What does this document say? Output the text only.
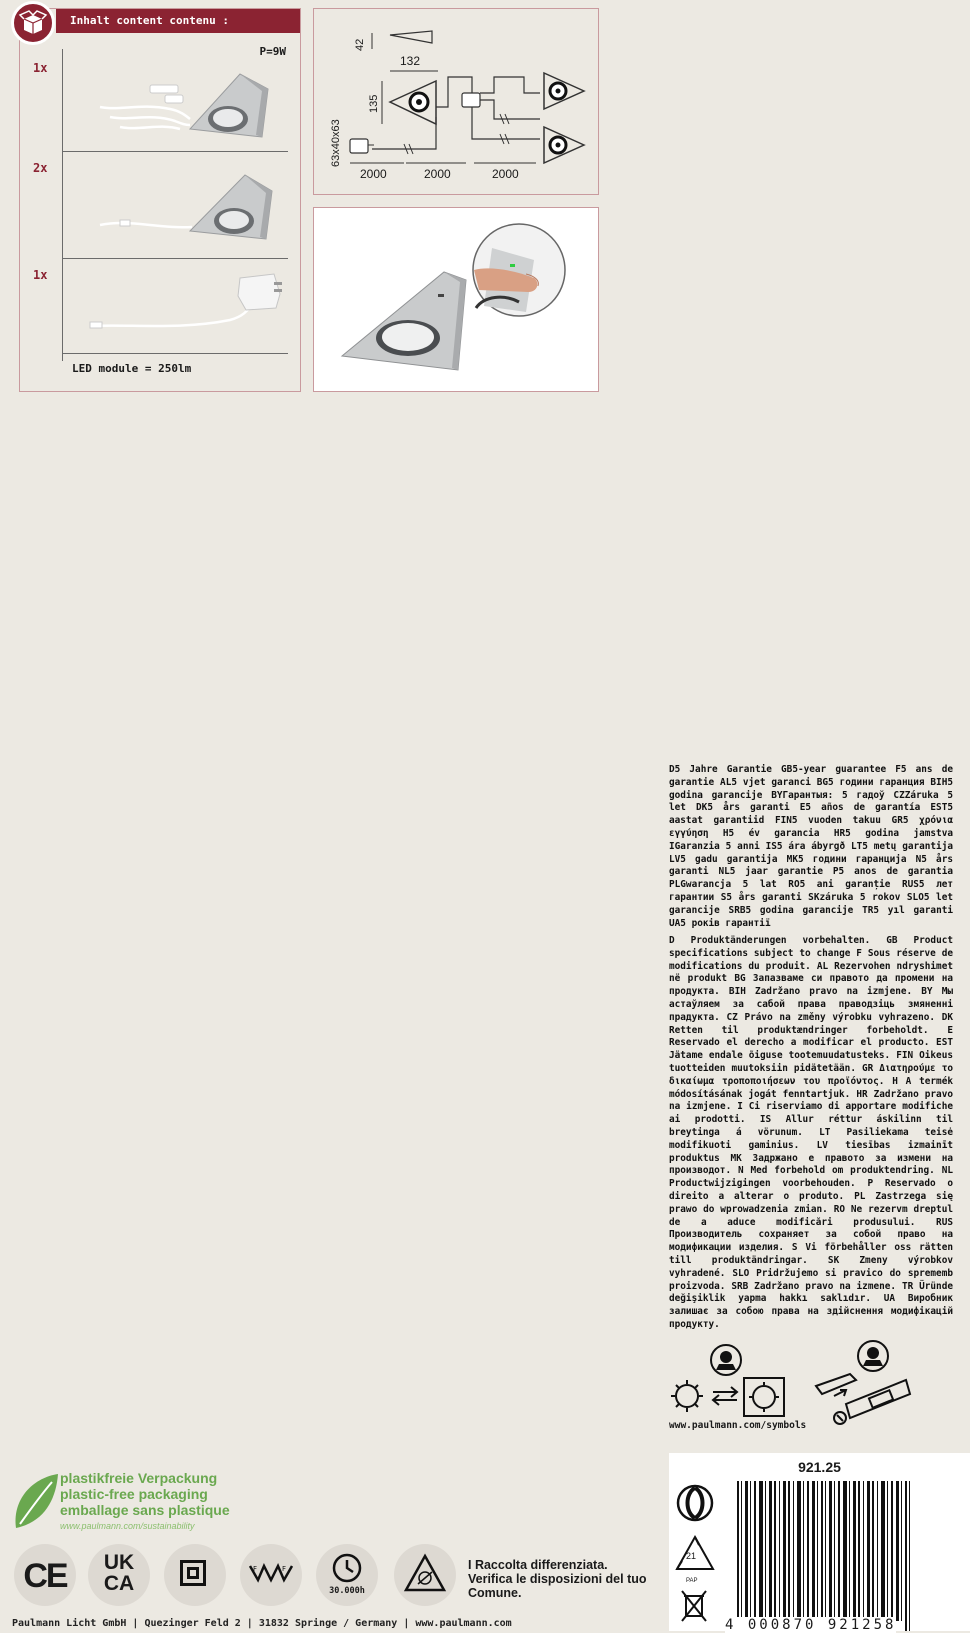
Inhalt content contenu :
P=9W
1x
2x
1x
LED module = 250lm
42
132
135
63x40x63
2000	2000	2000

D5 Jahre Garantie GB5-year guarantee F5 ans de garantie AL5 vjet garanci BG5 години гаранция BIH5 godina garancije BYГарантыя: 5 гадоў CZZáruka 5 let DK5 års garanti E5 años de garantía EST5 aastat garantiid FIN5 vuoden takuu GR5 χρόνια εγγύηση H5 év garancia HR5 godina jamstva IGaranzia 5 anni IS5 ára ábyrgð LT5 metų garantija LV5 gadu garantija MK5 години гаранција N5 års garanti NL5 jaar garantie P5 anos de garantia PLGwarancja 5 lat RO5 ani garanție RUS5 лет гарантии S5 års garanti SKzáruka 5 rokov SLO5 let garancije SRB5 godina garancije TR5 yıl garanti UA5 років гарантії

D Produktänderungen vorbehalten. GB Product specifications subject to change F Sous réserve de modifications du produit. AL Rezervohen ndryshimet në produkt BG Запазваме си правото да промени на продукта. BIH Zadržano pravo na izmjene. BY Мы астаўляем за сабой права праводзіць змяненні прадукта. CZ Právo na změny výrobku vyhrazeno. DK Retten til produktændringer forbeholdt. E Reservado el derecho a modificar el producto. EST Jätame endale õiguse tootemuudatusteks. FIN Oikeus tuotteiden muutoksiin pidätetään. GR Διατηρούμε το δικαίωμα τροποποιήσεων του προϊόντος. H A termék módosításának jogát fenntartjuk. HR Zadržano pravo na izmjene. I Ci riserviamo di apportare modifiche ai prodotti. IS Allur réttur áskilinn til breytinga á vörunum. LT Pasiliekama teisė modifikuoti gaminius. LV tiesības izmainīt produktus MK Задржано е правото за измени на производот. N Med forbehold om produktendring. NL Productwijzigingen voorbehouden. P Reservado o direito a alterar o produto. PL Zastrzega się prawo do wprowadzenia zmian. RO Ne rezervm dreptul de a aduce modificări produsului. RUS Производитель сохраняет за собой право на модификации изделия. S Vi förbehåller oss rätten till produktändringar. SK Zmeny výrobkov vyhradené. SLO Pridržujemo si pravico do sprememb proizvoda. SRB Zadržano pravo na izmene. TR Üründe değişiklik yapma hakkı saklıdır. UA Виробник залишає за собою права на здійснення модифікацій продукту.

www.paulmann.com/symbols
plastikfreie Verpackung
plastic-free packaging
emballage sans plastique
www.paulmann.com/sustainability
CE	UK
CA
F	F
30.000h
I Raccolta differenziata. Verifica le disposizioni del tuo Comune.
921.25
21
PAP
4 000870 921258
Paulmann Licht GmbH | Quezinger Feld 2 | 31832 Springe / Germany | www.paulmann.com
